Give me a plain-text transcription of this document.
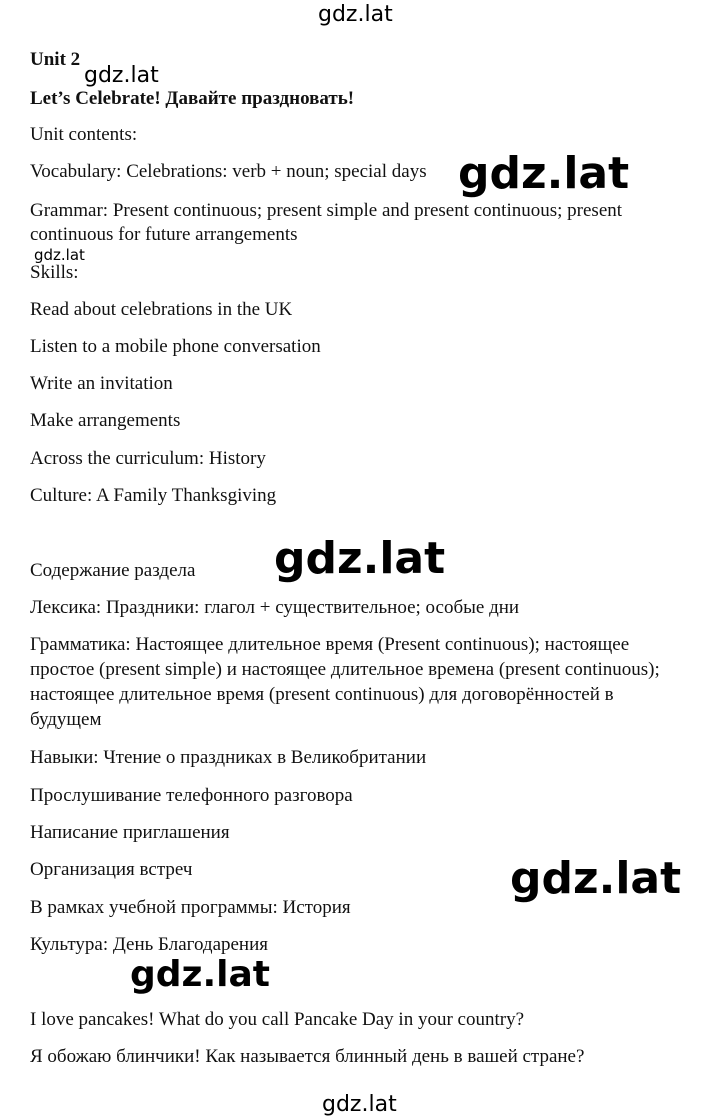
gdz.lat
gdz.lat
gdz.lat
gdz.lat
gdz.lat
gdz.lat
gdz.lat
gdz.lat

Unit 2

Let’s Celebrate! Давайте праздновать!

Unit contents:

Vocabulary: Celebrations: verb + noun; special days

Grammar: Present continuous; present simple and present continuous; present

continuous for future arrangements

Skills:

Read about celebrations in the UK

Listen to a mobile phone conversation

Write an invitation

Make arrangements

Across the curriculum: History

Culture: A Family Thanksgiving

Содержание раздела

Лексика: Праздники: глагол + существительное; особые дни

Грамматика: Настоящее длительное время (Present continuous); настоящее

простое (present simple) и настоящее длительное времена (present continuous);

настоящее длительное время (present continuous) для договорённостей в

будущем

Навыки: Чтение о праздниках в Великобритании

Прослушивание телефонного разговора

Написание приглашения

Организация встреч

В рамках учебной программы: История

Культура: День Благодарения

I love pancakes! What do you call Pancake Day in your country?

Я обожаю блинчики! Как называется блинный день в вашей стране?
